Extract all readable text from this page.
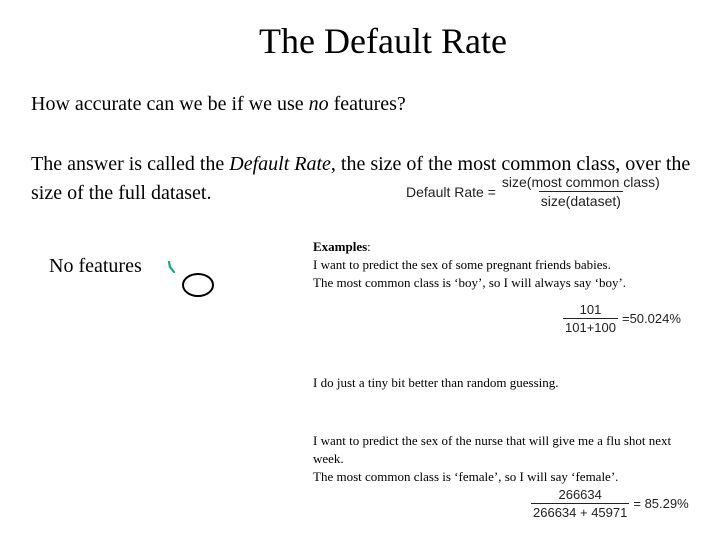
The Default Rate
How accurate can we be if we use no features?
The answer is called the Default Rate, the size of the most common class, over the size of the full dataset.	Default Rate = $\frac{\text{size(most common class)}}{\text{size(dataset)}}$
No features
Examples:
I want to predict the sex of some pregnant friends babies.
The most common class is ‘boy’, so I will always say ‘boy’.
$\frac{101}{101+100} =50.024\%$
I do just a tiny bit better than random guessing.
I want to predict the sex of the nurse that will give me a flu shot next week.
The most common class is ‘female’, so I will say ‘female’.
$\frac{266634}{266634 + 45971} = 85.29\%$
